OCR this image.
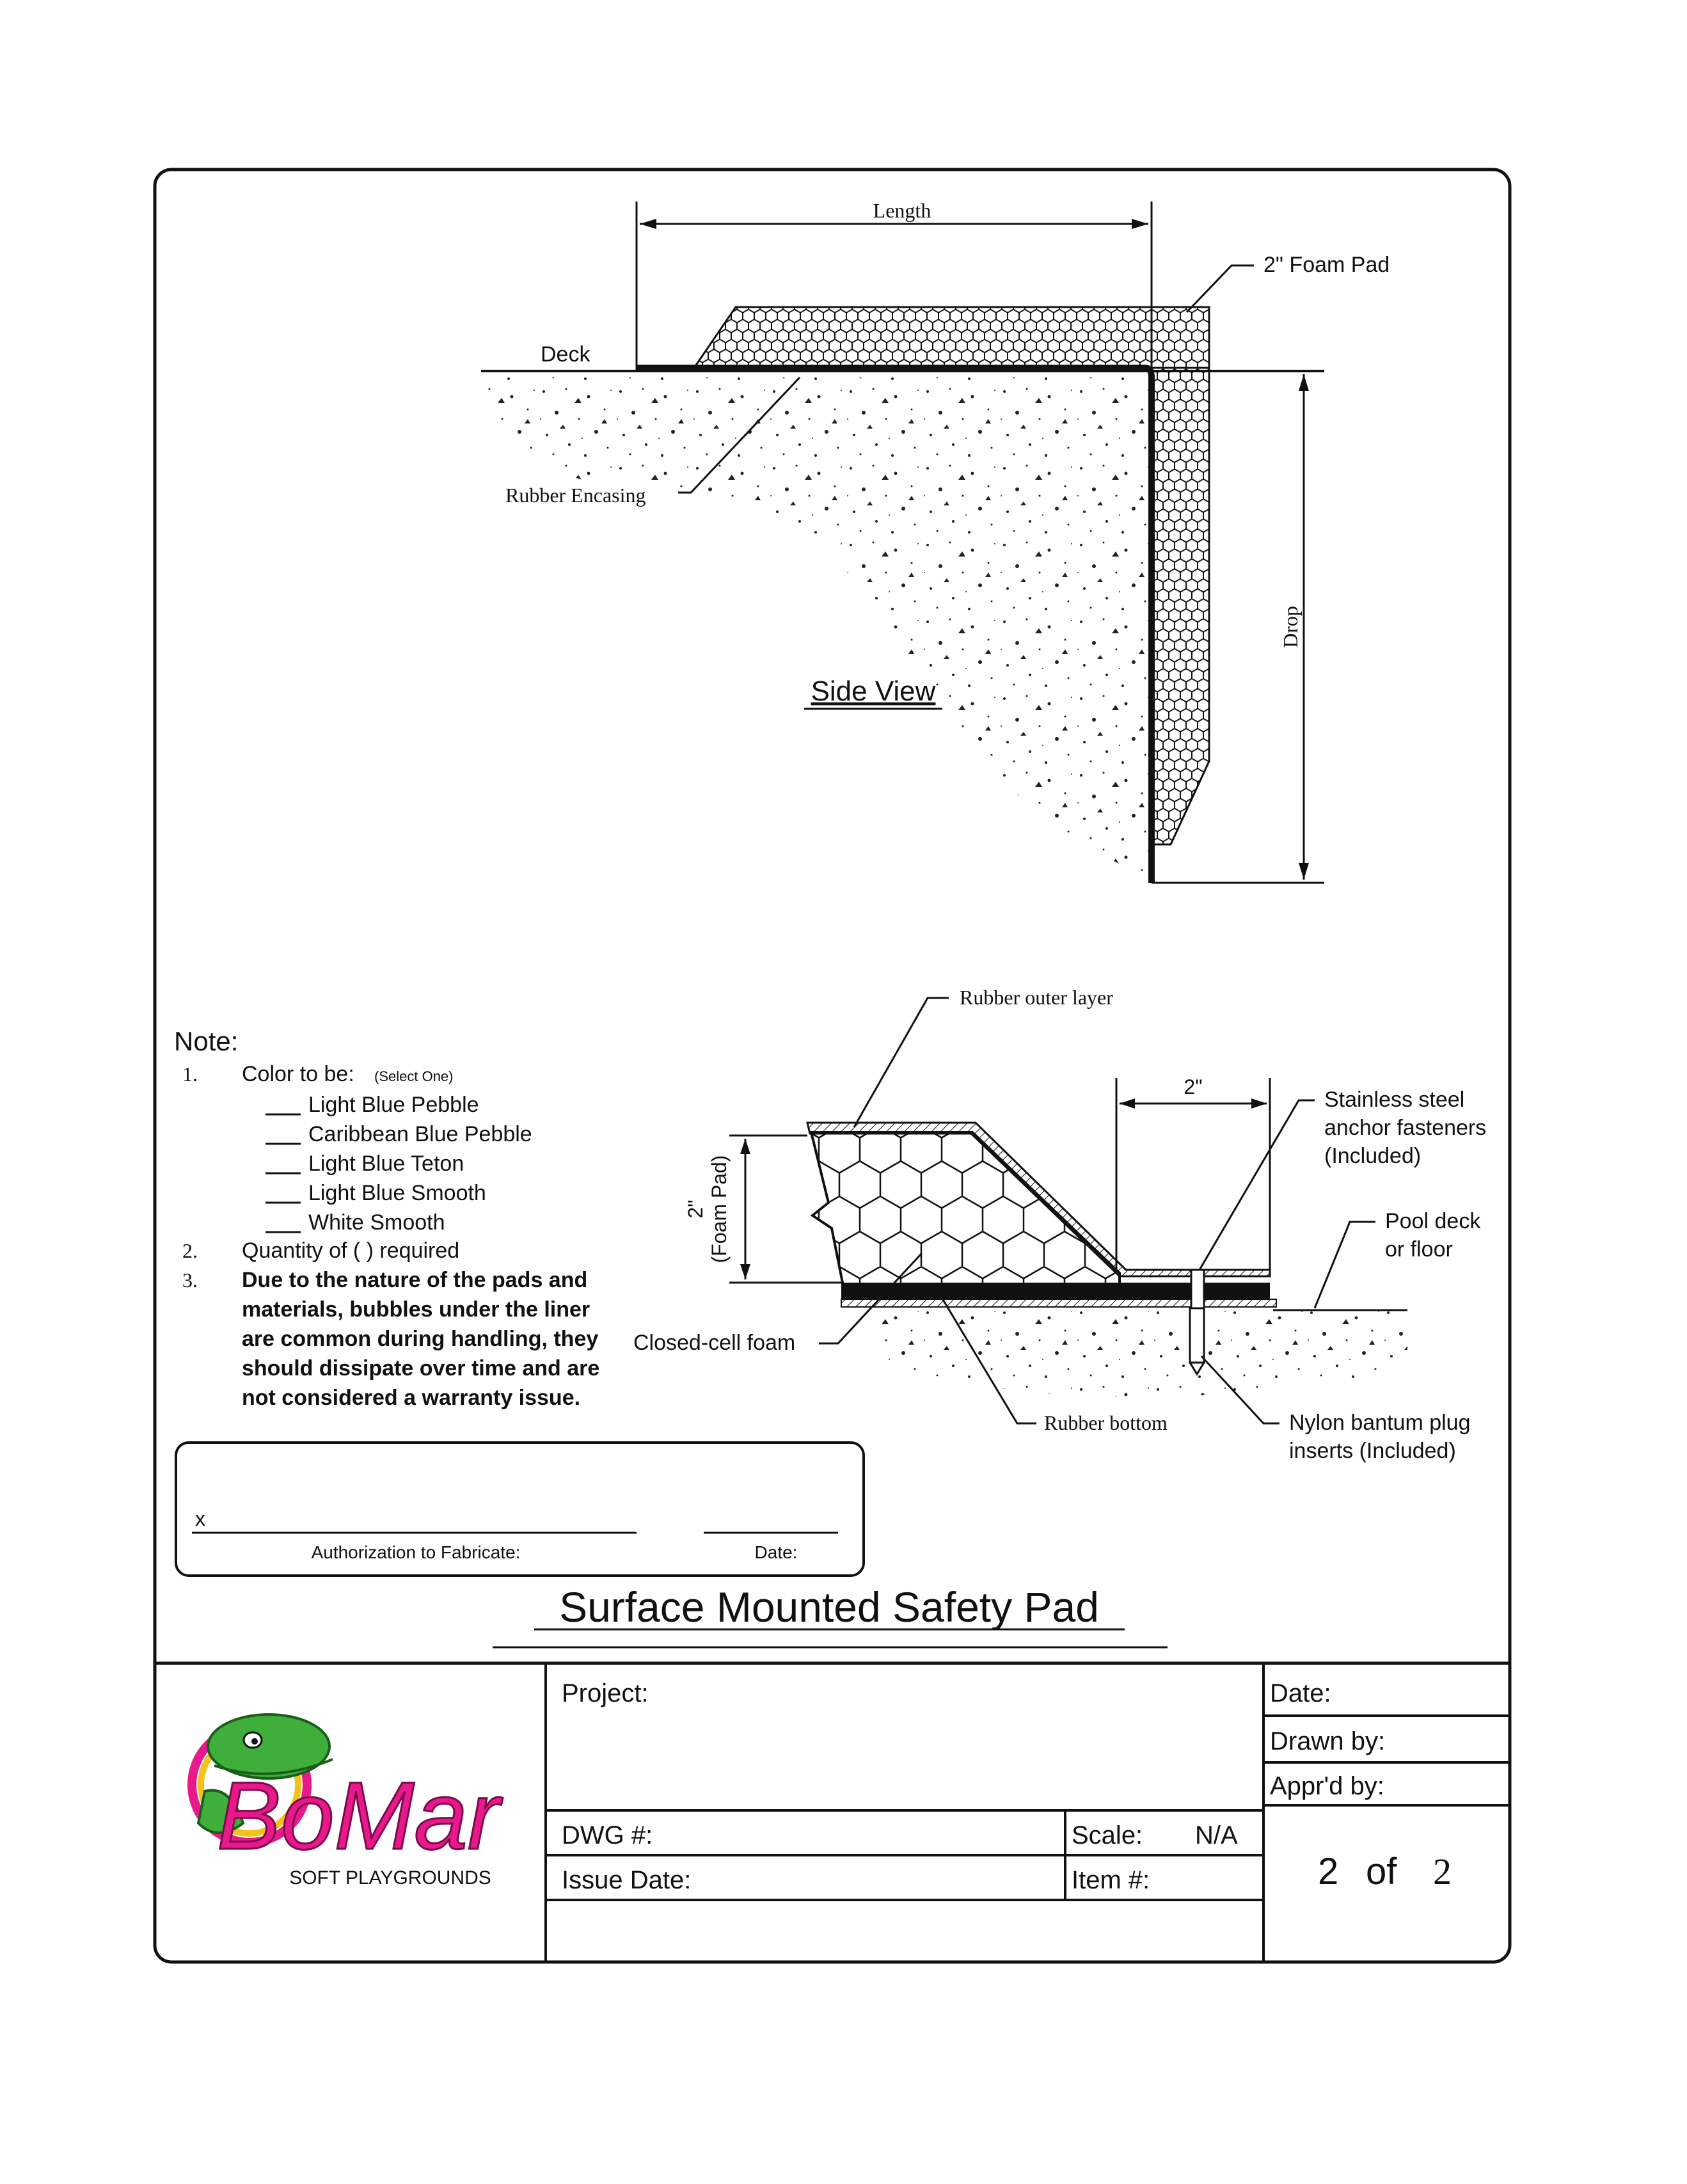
Length
Drop
2" Foam Pad
Deck
Rubber Encasing
Side View
2"
2" (Foam Pad)
Rubber outer layer
Stainless steel
anchor fasteners
(Included)
Pool deck
or floor
Closed-cell foam
Rubber bottom	Nylon bantum plug
inserts (Included)
Note:
1. Color to be: (Select One)
Light Blue Pebble
Caribbean Blue Pebble
Light Blue Teton
Light Blue Smooth
White Smooth
2. Quantity of ( ) required
3. Due to the nature of the pads and
materials, bubbles under the liner
are common during handling, they
should dissipate over time and are
not considered a warranty issue.
x
Authorization to Fabricate:	Date:
Surface Mounted Safety Pad
Project:
DWG #:	Scale: N/A
Issue Date:	Item #:
Date:
Drawn by:
Appr'd by:
2 of 2
BoMar
SOFT PLAYGROUNDS
